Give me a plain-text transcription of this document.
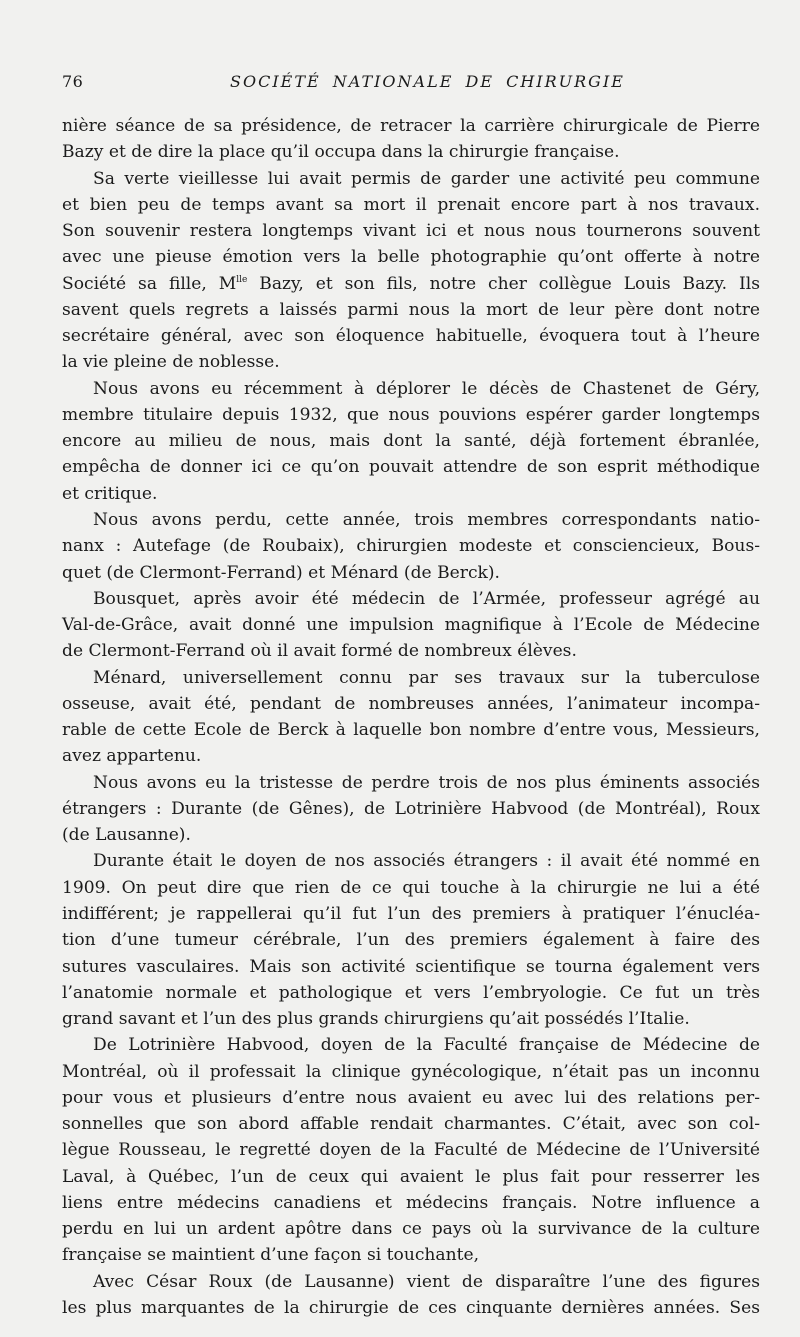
76	SOCIÉTÉ NATIONALE DE CHIRURGIE
nière séance de sa présidence, de retracer la carrière chirurgicale de Pierre
Bazy et de dire la place qu’il occupa dans la chirurgie française.
Sa verte vieillesse lui avait permis de garder une activité peu commune
et bien peu de temps avant sa mort il prenait encore part à nos travaux.
Son souvenir restera longtemps vivant ici et nous nous tournerons souvent
avec une pieuse émotion vers la belle photographie qu’ont offerte à notre
Société sa fille, $M^{lle}$ Bazy, et son fils, notre cher collègue Louis Bazy. Ils
savent quels regrets a laissés parmi nous la mort de leur père dont notre
secrétaire général, avec son éloquence habituelle, évoquera tout à l’heure
la vie pleine de noblesse.
Nous avons eu récemment à déplorer le décès de Chastenet de Géry,
membre titulaire depuis 1932, que nous pouvions espérer garder longtemps
encore au milieu de nous, mais dont la santé, déjà fortement ébranlée,
empêcha de donner ici ce qu’on pouvait attendre de son esprit méthodique
et critique.
Nous avons perdu, cette année, trois membres correspondants natio-
nanx : Autefage (de Roubaix), chirurgien modeste et consciencieux, Bous-
quet (de Clermont-Ferrand) et Ménard (de Berck).
Bousquet, après avoir été médecin de l’Armée, professeur agrégé au
Val-de-Grâce, avait donné une impulsion magnifique à l’Ecole de Médecine
de Clermont-Ferrand où il avait formé de nombreux élèves.
Ménard, universellement connu par ses travaux sur la tuberculose
osseuse, avait été, pendant de nombreuses années, l’animateur incompa-
rable de cette Ecole de Berck à laquelle bon nombre d’entre vous, Messieurs,
avez appartenu.
Nous avons eu la tristesse de perdre trois de nos plus éminents associés
étrangers : Durante (de Gênes), de Lotrinière Habvood (de Montréal), Roux
(de Lausanne).
Durante était le doyen de nos associés étrangers : il avait été nommé en
1909. On peut dire que rien de ce qui touche à la chirurgie ne lui a été
indifférent; je rappellerai qu’il fut l’un des premiers à pratiquer l’énucléa-
tion d’une tumeur cérébrale, l’un des premiers également à faire des
sutures vasculaires. Mais son activité scientifique se tourna également vers
l’anatomie normale et pathologique et vers l’embryologie. Ce fut un très
grand savant et l’un des plus grands chirurgiens qu’ait possédés l’Italie.
De Lotrinière Habvood, doyen de la Faculté française de Médecine de
Montréal, où il professait la clinique gynécologique, n’était pas un inconnu
pour vous et plusieurs d’entre nous avaient eu avec lui des relations per-
sonnelles que son abord affable rendait charmantes. C’était, avec son col-
lègue Rousseau, le regretté doyen de la Faculté de Médecine de l’Université
Laval, à Québec, l’un de ceux qui avaient le plus fait pour resserrer les
liens entre médecins canadiens et médecins français. Notre influence a
perdu en lui un ardent apôtre dans ce pays où la survivance de la culture
française se maintient d’une façon si touchante,
Avec César Roux (de Lausanne) vient de disparaître l’une des figures
les plus marquantes de la chirurgie de ces cinquante dernières années. Ses
